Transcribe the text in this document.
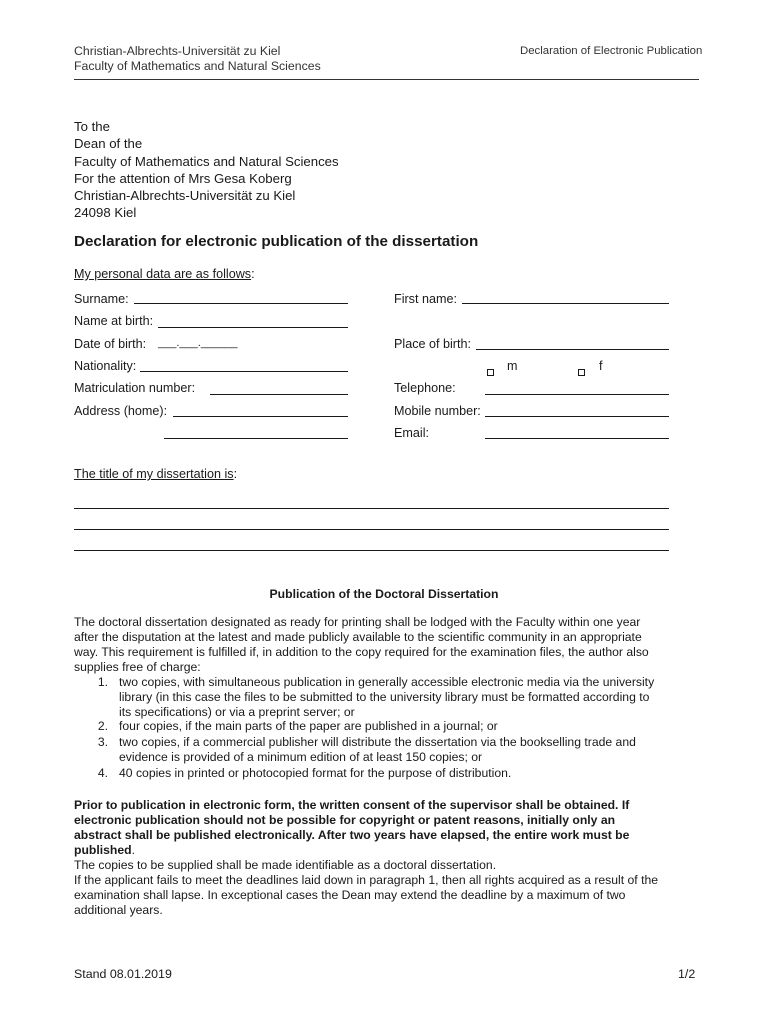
Christian-Albrechts-Universität zu Kiel
Faculty of Mathematics and Natural Sciences
Declaration of Electronic Publication
To the
Dean of the
Faculty of Mathematics and Natural Sciences
For the attention of Mrs Gesa Koberg
Christian-Albrechts-Universität zu Kiel
24098 Kiel
Declaration for electronic publication of the dissertation
My personal data are as follows:
Surname:
Name at birth:
Date of birth: ___.___.______
Nationality:
Matriculation number:
Address (home):
First name:
Place of birth:
m	f
Telephone:
Mobile number:
Email:
The title of my dissertation is:
Publication of the Doctoral Dissertation
The doctoral dissertation designated as ready for printing shall be lodged with the Faculty within one year
after the disputation at the latest and made publicly available to the scientific community in an appropriate
way. This requirement is fulfilled if, in addition to the copy required for the examination files, the author also
supplies free of charge:
1. two copies, with simultaneous publication in generally accessible electronic media via the university
library (in this case the files to be submitted to the university library must be formatted according to
its specifications) or via a preprint server; or
2. four copies, if the main parts of the paper are published in a journal; or
3. two copies, if a commercial publisher will distribute the dissertation via the bookselling trade and
evidence is provided of a minimum edition of at least 150 copies; or
4. 40 copies in printed or photocopied format for the purpose of distribution.
Prior to publication in electronic form, the written consent of the supervisor shall be obtained. If
electronic publication should not be possible for copyright or patent reasons, initially only an
abstract shall be published electronically. After two years have elapsed, the entire work must be
published.
The copies to be supplied shall be made identifiable as a doctoral dissertation.
If the applicant fails to meet the deadlines laid down in paragraph 1, then all rights acquired as a result of the
examination shall lapse. In exceptional cases the Dean may extend the deadline by a maximum of two
additional years.
Stand 08.01.2019	1/2
